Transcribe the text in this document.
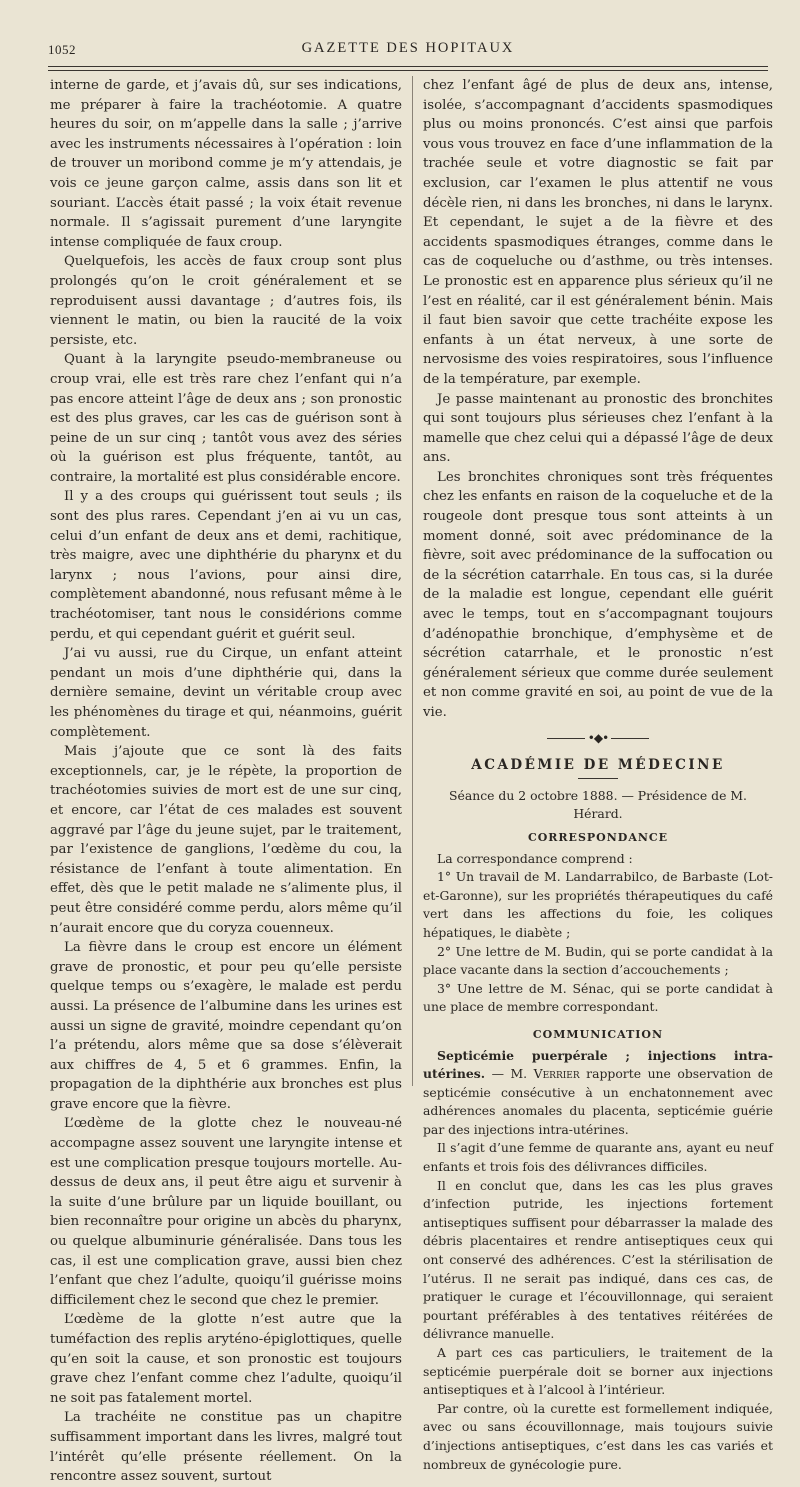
1052	GAZETTE DES HOPITAUX

interne de garde, et j’avais dû, sur ses indications, me préparer à faire la trachéotomie. A quatre heures du soir, on m’appelle dans la salle ; j’arrive avec les instruments nécessaires à l’opération : loin de trouver un moribond comme je m’y attendais, je vois ce jeune garçon calme, assis dans son lit et souriant. L’accès était passé ; la voix était revenue normale. Il s’agissait purement d’une laryngite intense compliquée de faux croup.

Quelquefois, les accès de faux croup sont plus prolongés qu’on le croit généralement et se reproduisent aussi davantage ; d’autres fois, ils viennent le matin, ou bien la raucité de la voix persiste, etc.

Quant à la laryngite pseudo-membraneuse ou croup vrai, elle est très rare chez l’enfant qui n’a pas encore atteint l’âge de deux ans ; son pronostic est des plus graves, car les cas de guérison sont à peine de un sur cinq ; tantôt vous avez des séries où la guérison est plus fréquente, tantôt, au contraire, la mortalité est plus considérable encore.

Il y a des croups qui guérissent tout seuls ; ils sont des plus rares. Cependant j’en ai vu un cas, celui d’un enfant de deux ans et demi, rachitique, très maigre, avec une diphthérie du pharynx et du larynx ; nous l’avions, pour ainsi dire, complètement abandonné, nous refusant même à le trachéotomiser, tant nous le considérions comme perdu, et qui cependant guérit et guérit seul.

J’ai vu aussi, rue du Cirque, un enfant atteint pendant un mois d’une diphthérie qui, dans la dernière semaine, devint un véritable croup avec les phénomènes du tirage et qui, néanmoins, guérit complètement.

Mais j’ajoute que ce sont là des faits exceptionnels, car, je le répète, la proportion de trachéotomies suivies de mort est de une sur cinq, et encore, car l’état de ces malades est souvent aggravé par l’âge du jeune sujet, par le traitement, par l’existence de ganglions, l’œdème du cou, la résistance de l’enfant à toute alimentation. En effet, dès que le petit malade ne s’alimente plus, il peut être considéré comme perdu, alors même qu’il n’aurait encore que du coryza couenneux.

La fièvre dans le croup est encore un élément grave de pronostic, et pour peu qu’elle persiste quelque temps ou s’exagère, le malade est perdu aussi. La présence de l’albumine dans les urines est aussi un signe de gravité, moindre cependant qu’on l’a prétendu, alors même que sa dose s’élèverait aux chiffres de 4, 5 et 6 grammes. Enfin, la propagation de la diphthérie aux bronches est plus grave encore que la fièvre.

L’œdème de la glotte chez le nouveau-né accompagne assez souvent une laryngite intense et est une complication presque toujours mortelle. Au-dessus de deux ans, il peut être aigu et survenir à la suite d’une brûlure par un liquide bouillant, ou bien reconnaître pour origine un abcès du pharynx, ou quelque albuminurie généralisée. Dans tous les cas, il est une complication grave, aussi bien chez l’enfant que chez l’adulte, quoiqu’il guérisse moins difficilement chez le second que chez le premier.

L’œdème de la glotte n’est autre que la tuméfaction des replis aryténo-épiglottiques, quelle qu’en soit la cause, et son pronostic est toujours grave chez l’enfant comme chez l’adulte, quoiqu’il ne soit pas fatalement mortel.

La trachéite ne constitue pas un chapitre suffisamment important dans les livres, malgré tout l’intérêt qu’elle présente réellement. On la rencontre assez souvent, surtout

chez l’enfant âgé de plus de deux ans, intense, isolée, s’accompagnant d’accidents spasmodiques plus ou moins prononcés. C’est ainsi que parfois vous vous trouvez en face d’une inflammation de la trachée seule et votre diagnostic se fait par exclusion, car l’examen le plus attentif ne vous décèle rien, ni dans les bronches, ni dans le larynx. Et cependant, le sujet a de la fièvre et des accidents spasmodiques étranges, comme dans le cas de coqueluche ou d’asthme, ou très intenses. Le pronostic est en apparence plus sérieux qu’il ne l’est en réalité, car il est généralement bénin. Mais il faut bien savoir que cette trachéite expose les enfants à un état nerveux, à une sorte de nervosisme des voies respiratoires, sous l’influence de la température, par exemple.

Je passe maintenant au pronostic des bronchites qui sont toujours plus sérieuses chez l’enfant à la mamelle que chez celui qui a dépassé l’âge de deux ans.

Les bronchites chroniques sont très fréquentes chez les enfants en raison de la coqueluche et de la rougeole dont presque tous sont atteints à un moment donné, soit avec prédominance de la fièvre, soit avec prédominance de la suffocation ou de la sécrétion catarrhale. En tous cas, si la durée de la maladie est longue, cependant elle guérit avec le temps, tout en s’accompagnant toujours d’adénopathie bronchique, d’emphysème et de sécrétion catarrhale, et le pronostic n’est généralement sérieux que comme durée seulement et non comme gravité en soi, au point de vue de la vie.

•◆•
ACADÉMIE DE MÉDECINE
Séance du 2 octobre 1888. — Présidence de M. Hérard.
CORRESPONDANCE

La correspondance comprend :

1° Un travail de M. Landarrabilco, de Barbaste (Lot-et-Garonne), sur les propriétés thérapeutiques du café vert dans les affections du foie, les coliques hépatiques, le diabète ;

2° Une lettre de M. Budin, qui se porte candidat à la place vacante dans la section d’accouchements ;

3° Une lettre de M. Sénac, qui se porte candidat à une place de membre correspondant.

COMMUNICATION

Septicémie puerpérale ; injections intra-utérines. — M. Verrier rapporte une observation de septicémie consécutive à un enchatonnement avec adhérences anomales du placenta, septicémie guérie par des injections intra-utérines.

Il s’agit d’une femme de quarante ans, ayant eu neuf enfants et trois fois des délivrances difficiles.

Il en conclut que, dans les cas les plus graves d’infection putride, les injections fortement antiseptiques suffisent pour débarrasser la malade des débris placentaires et rendre antiseptiques ceux qui ont conservé des adhérences. C’est la stérilisation de l’utérus. Il ne serait pas indiqué, dans ces cas, de pratiquer le curage et l’écouvillonnage, qui seraient pourtant préférables à des tentatives réitérées de délivrance manuelle.

A part ces cas particuliers, le traitement de la septicémie puerpérale doit se borner aux injections antiseptiques et à l’alcool à l’intérieur.

Par contre, où la curette est formellement indiquée, avec ou sans écouvillonnage, mais toujours suivie d’injections antiseptiques, c’est dans les cas variés et nombreux de gynécologie pure.
